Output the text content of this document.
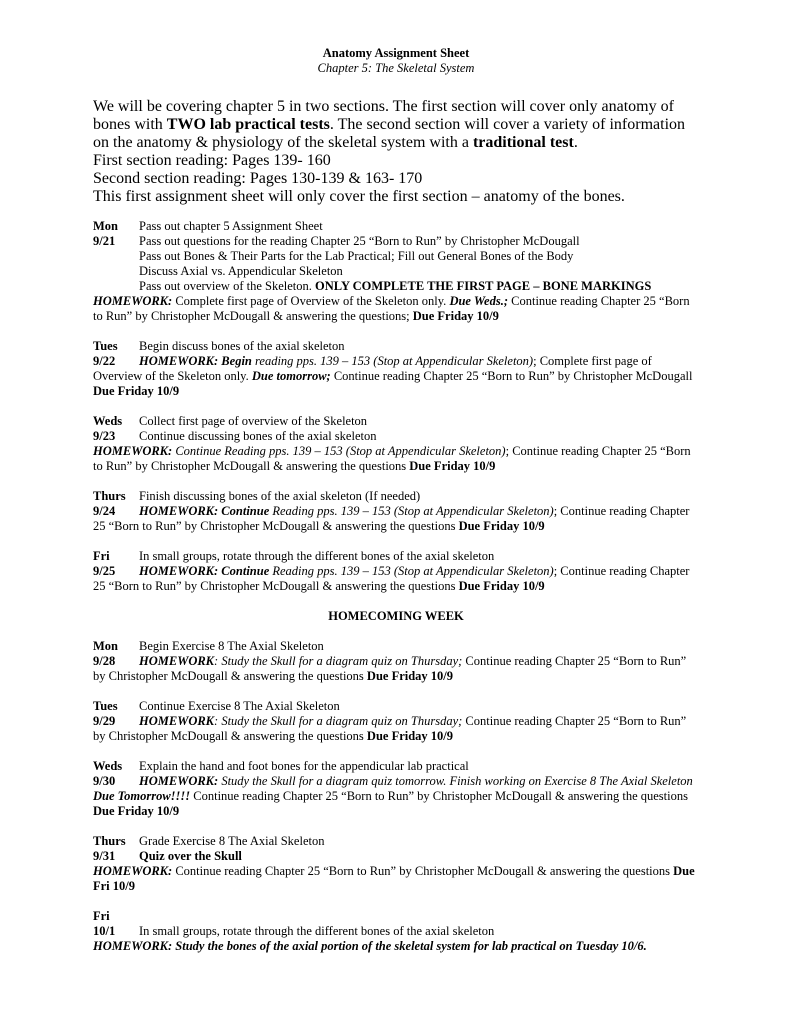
Anatomy Assignment Sheet
Chapter 5: The Skeletal System

We will be covering chapter 5 in two sections. The first section will cover only anatomy of bones with TWO lab practical tests. The second section will cover a variety of information on the anatomy & physiology of the skeletal system with a traditional test.

First section reading: Pages 139- 160

Second section reading: Pages 130-139 & 163- 170

This first assignment sheet will only cover the first section – anatomy of the bones.

Mon	Pass out chapter 5 Assignment Sheet
9/21	Pass out questions for the reading Chapter 25 “Born to Run” by Christopher McDougall
Pass out Bones & Their Parts for the Lab Practical; Fill out General Bones of the Body
Discuss Axial vs. Appendicular Skeleton
Pass out overview of the Skeleton. ONLY COMPLETE THE FIRST PAGE – BONE MARKINGS
HOMEWORK: Complete first page of Overview of the Skeleton only. Due Weds.; Continue reading Chapter 25 “Born to Run” by Christopher McDougall & answering the questions; Due Friday 10/9
Tues	Begin discuss bones of the axial skeleton
9/22 HOMEWORK: Begin reading pps. 139 – 153 (Stop at Appendicular Skeleton); Complete first page of Overview of the Skeleton only. Due tomorrow; Continue reading Chapter 25 “Born to Run” by Christopher McDougall Due Friday 10/9
Weds	Collect first page of overview of the Skeleton
9/23	Continue discussing bones of the axial skeleton
HOMEWORK: Continue Reading pps. 139 – 153 (Stop at Appendicular Skeleton); Continue reading Chapter 25 “Born to Run” by Christopher McDougall & answering the questions Due Friday 10/9
Thurs	Finish discussing bones of the axial skeleton (If needed)
9/24 HOMEWORK: Continue Reading pps. 139 – 153 (Stop at Appendicular Skeleton); Continue reading Chapter 25 “Born to Run” by Christopher McDougall & answering the questions Due Friday 10/9
Fri	In small groups, rotate through the different bones of the axial skeleton
9/25 HOMEWORK: Continue Reading pps. 139 – 153 (Stop at Appendicular Skeleton); Continue reading Chapter 25 “Born to Run” by Christopher McDougall & answering the questions Due Friday 10/9
HOMECOMING WEEK
Mon	Begin Exercise 8 The Axial Skeleton
9/28 HOMEWORK: Study the Skull for a diagram quiz on Thursday; Continue reading Chapter 25 “Born to Run” by Christopher McDougall & answering the questions Due Friday 10/9
Tues	Continue Exercise 8 The Axial Skeleton
9/29 HOMEWORK: Study the Skull for a diagram quiz on Thursday; Continue reading Chapter 25 “Born to Run” by Christopher McDougall & answering the questions Due Friday 10/9
Weds	Explain the hand and foot bones for the appendicular lab practical
9/30 HOMEWORK: Study the Skull for a diagram quiz tomorrow. Finish working on Exercise 8 The Axial Skeleton Due Tomorrow!!!! Continue reading Chapter 25 “Born to Run” by Christopher McDougall & answering the questions Due Friday 10/9
Thurs	Grade Exercise 8 The Axial Skeleton
9/31	Quiz over the Skull
HOMEWORK: Continue reading Chapter 25 “Born to Run” by Christopher McDougall & answering the questions Due Fri 10/9
Fri
10/1	In small groups, rotate through the different bones of the axial skeleton
HOMEWORK: Study the bones of the axial portion of the skeletal system for lab practical on Tuesday 10/6.
